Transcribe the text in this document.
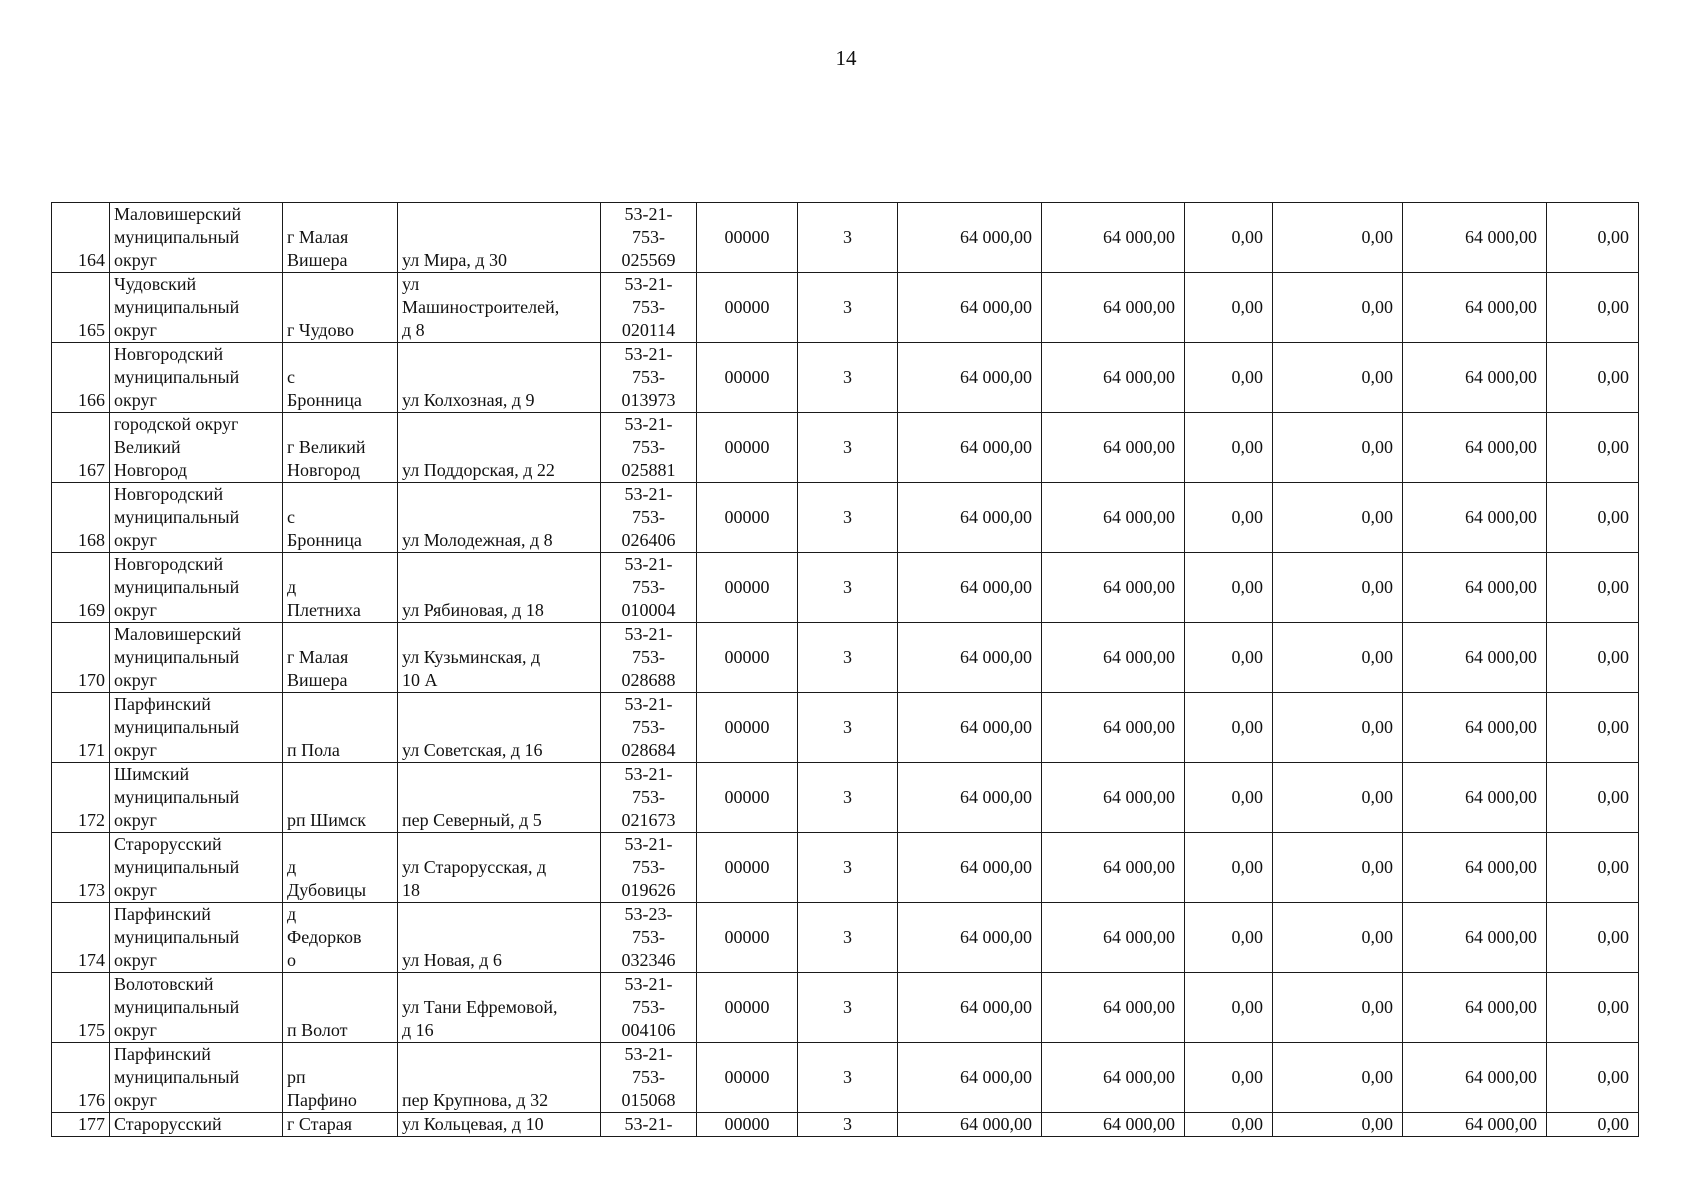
14
164	Маловишерский
муниципальный
округ	г Малая
Вишера	ул Мира, д 30	53-21-
753-
025569	00000	3	64 000,00	64 000,00	0,00	0,00	64 000,00	0,00

165	Чудовский
муниципальный
округ	г Чудово	ул
Машиностроителей,
д 8	53-21-
753-
020114	00000	3	64 000,00	64 000,00	0,00	0,00	64 000,00	0,00

166	Новгородский
муниципальный
округ	с
Бронница	ул Колхозная, д 9	53-21-
753-
013973	00000	3	64 000,00	64 000,00	0,00	0,00	64 000,00	0,00

167	городской округ
Великий
Новгород	г Великий
Новгород	ул Поддорская, д 22	53-21-
753-
025881	00000	3	64 000,00	64 000,00	0,00	0,00	64 000,00	0,00

168	Новгородский
муниципальный
округ	с
Бронница	ул Молодежная, д 8	53-21-
753-
026406	00000	3	64 000,00	64 000,00	0,00	0,00	64 000,00	0,00

169	Новгородский
муниципальный
округ	д
Плетниха	ул Рябиновая, д 18	53-21-
753-
010004	00000	3	64 000,00	64 000,00	0,00	0,00	64 000,00	0,00

170	Маловишерский
муниципальный
округ	г Малая
Вишера	ул Кузьминская, д
10 А	53-21-
753-
028688	00000	3	64 000,00	64 000,00	0,00	0,00	64 000,00	0,00

171	Парфинский
муниципальный
округ	п Пола	ул Советская, д 16	53-21-
753-
028684	00000	3	64 000,00	64 000,00	0,00	0,00	64 000,00	0,00

172	Шимский
муниципальный
округ	рп Шимск	пер Северный, д 5	53-21-
753-
021673	00000	3	64 000,00	64 000,00	0,00	0,00	64 000,00	0,00

173	Старорусский
муниципальный
округ	д
Дубовицы	ул Старорусская, д
18	53-21-
753-
019626	00000	3	64 000,00	64 000,00	0,00	0,00	64 000,00	0,00

174	Парфинский
муниципальный
округ	д
Федорков
о	ул Новая, д 6	53-23-
753-
032346	00000	3	64 000,00	64 000,00	0,00	0,00	64 000,00	0,00

175	Волотовский
муниципальный
округ	п Волот	ул Тани Ефремовой,
д 16	53-21-
753-
004106	00000	3	64 000,00	64 000,00	0,00	0,00	64 000,00	0,00

176	Парфинский
муниципальный
округ	рп
Парфино	пер Крупнова, д 32	53-21-
753-
015068	00000	3	64 000,00	64 000,00	0,00	0,00	64 000,00	0,00

177	Старорусский	г Старая	ул Кольцевая, д 10	53-21-	00000	3	64 000,00	64 000,00	0,00	0,00	64 000,00	0,00
